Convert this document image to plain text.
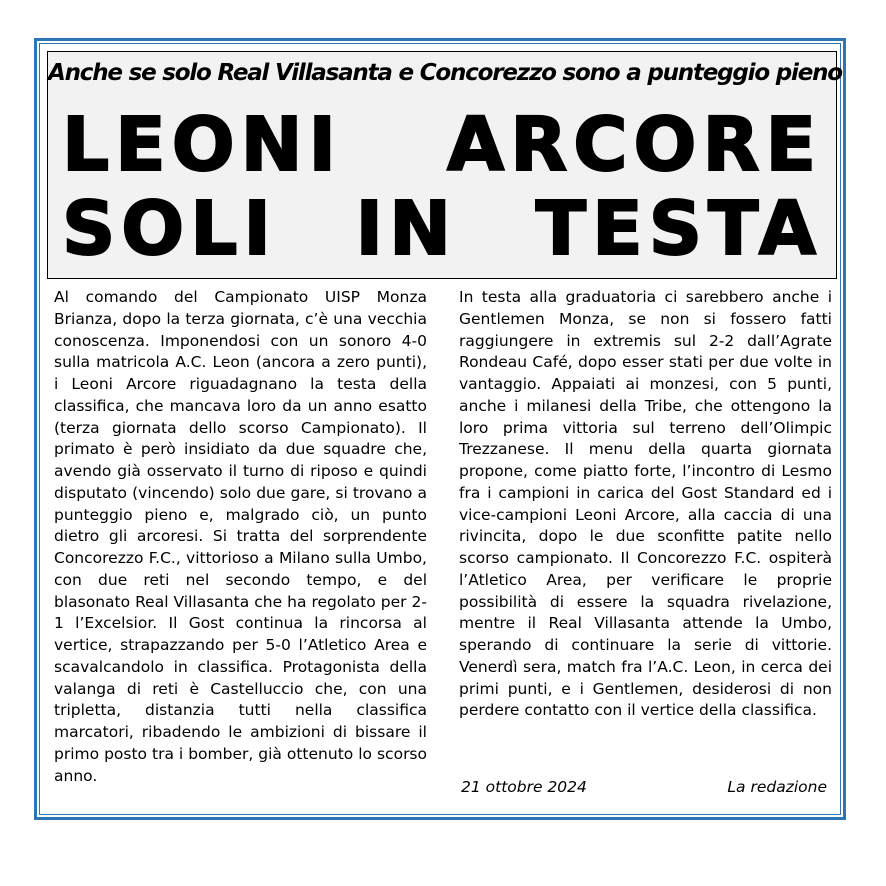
Anche se solo Real Villasanta e Concorezzo sono a punteggio pieno
LEONI ARCORE
SOLI IN TESTA
Al comando del Campionato UISP Monza Brianza, dopo la terza giornata, c’è una vecchia conoscenza. Imponendosi con un sonoro 4-0 sulla matricola A.C. Leon (ancora a zero punti), i Leoni Arcore riguadagnano la testa della classifica, che mancava loro da un anno esatto (terza giornata dello scorso Campionato). Il primato è però insidiato da due squadre che, avendo già osservato il turno di riposo e quindi disputato (vincendo) solo due gare, si trovano a punteggio pieno e, malgrado ciò, un punto dietro gli arcoresi. Si tratta del sorprendente Concorezzo F.C., vittorioso a Milano sulla Umbo, con due reti nel secondo tempo, e del blasonato Real Villasanta che ha regolato per 2-1 l’Excelsior. Il Gost continua la rincorsa al vertice, strapazzando per 5-0 l’Atletico Area e scavalcandolo in classifica. Protagonista della valanga di reti è Castelluccio che, con una tripletta, distanzia tutti nella classifica marcatori, ribadendo le ambizioni di bissare il primo posto tra i bomber, già ottenuto lo scorso anno.
In testa alla graduatoria ci sarebbero anche i Gentlemen Monza, se non si fossero fatti raggiungere in extremis sul 2-2 dall’Agrate Rondeau Café, dopo esser stati per due volte in vantaggio. Appaiati ai monzesi, con 5 punti, anche i milanesi della Tribe, che ottengono la loro prima vittoria sul terreno dell’Olimpic Trezzanese. Il menu della quarta giornata propone, come piatto forte, l’incontro di Lesmo fra i campioni in carica del Gost Standard ed i vice-campioni Leoni Arcore, alla caccia di una rivincita, dopo le due sconfitte patite nello scorso campionato. Il Concorezzo F.C. ospiterà l’Atletico Area, per verificare le proprie possibilità di essere la squadra rivelazione, mentre il Real Villasanta attende la Umbo, sperando di continuare la serie di vittorie. Venerdì sera, match fra l’A.C. Leon, in cerca dei primi punti, e i Gentlemen, desiderosi di non perdere contatto con il vertice della classifica.
21 ottobre 2024	La redazione
